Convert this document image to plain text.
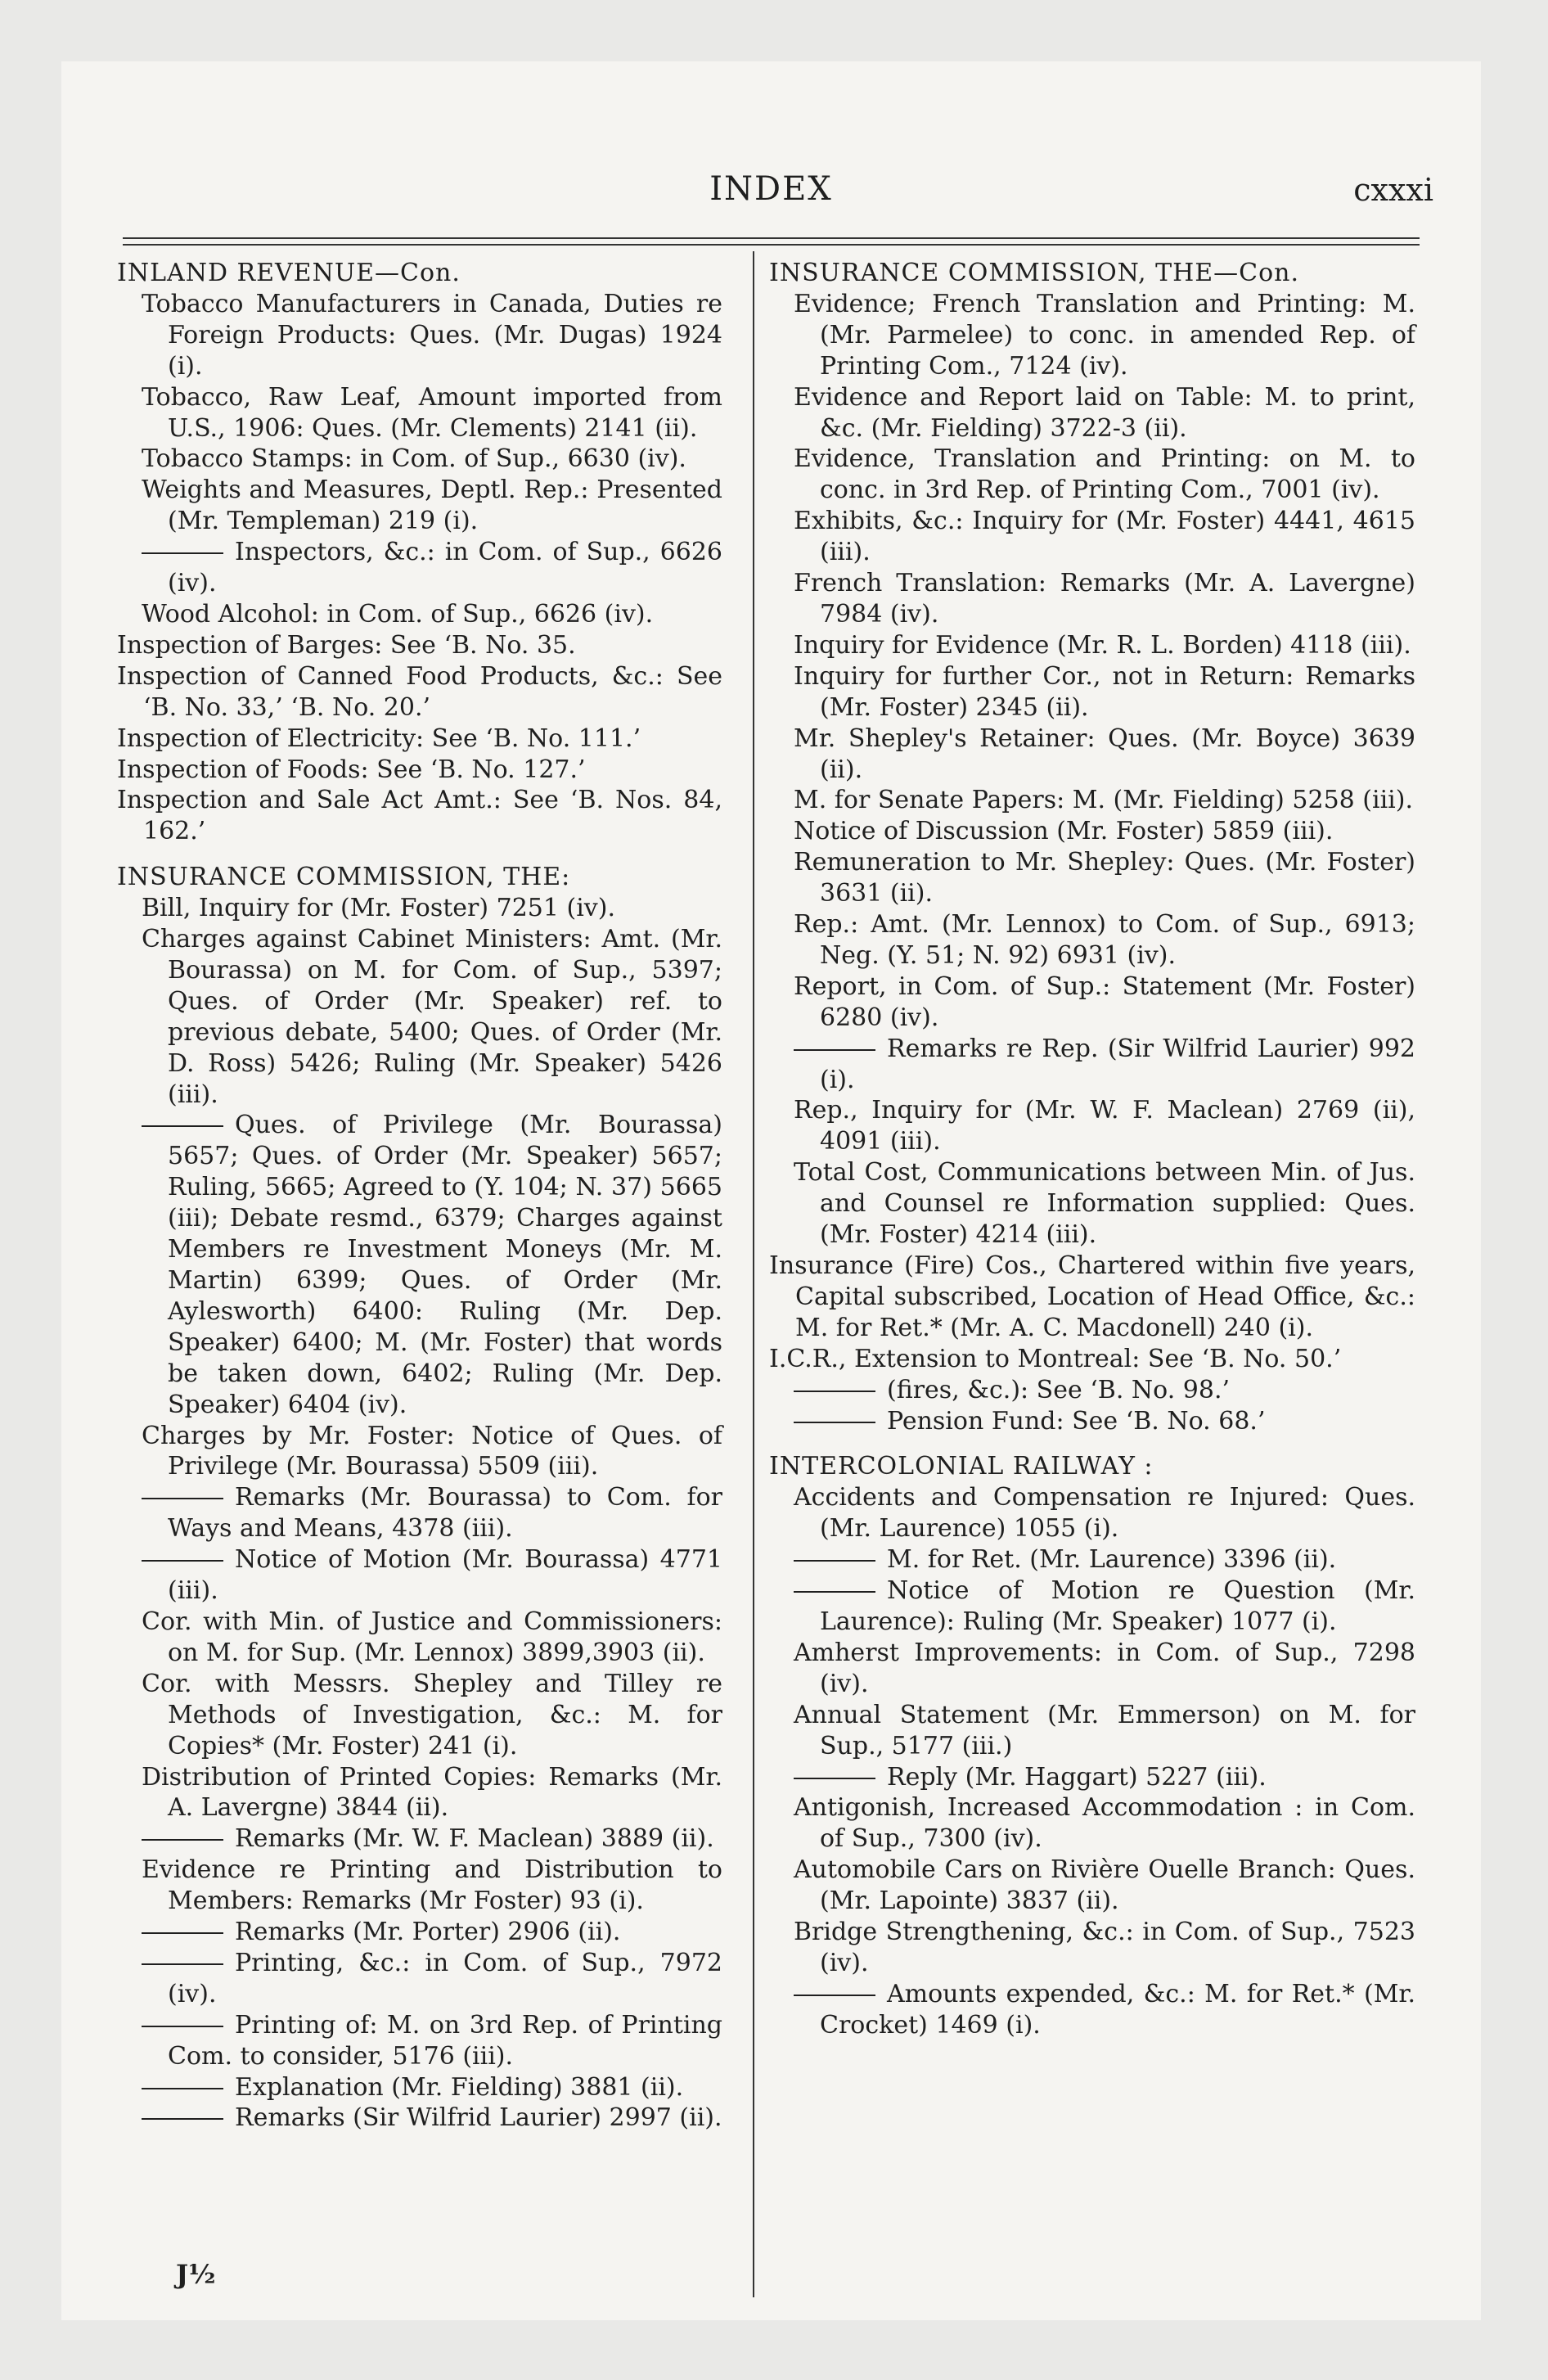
INDEX	cxxxi
INLAND REVENUE—Con.
Tobacco Manufacturers in Canada, Duties re Foreign Products: Ques. (Mr. Dugas) 1924 (i).
Tobacco, Raw Leaf, Amount imported from U.S., 1906: Ques. (Mr. Clements) 2141 (ii).
Tobacco Stamps: in Com. of Sup., 6630 (iv).
Weights and Measures, Deptl. Rep.: Presented (Mr. Templeman) 219 (i).
Inspectors, &c.: in Com. of Sup., 6626 (iv).
Wood Alcohol: in Com. of Sup., 6626 (iv).
Inspection of Barges: See ‘B. No. 35.
Inspection of Canned Food Products, &c.: See ‘B. No. 33,’ ‘B. No. 20.’
Inspection of Electricity: See ‘B. No. 111.’
Inspection of Foods: See ‘B. No. 127.’
Inspection and Sale Act Amt.: See ‘B. Nos. 84, 162.’
INSURANCE COMMISSION, THE:
Bill, Inquiry for (Mr. Foster) 7251 (iv).
Charges against Cabinet Ministers: Amt. (Mr. Bourassa) on M. for Com. of Sup., 5397; Ques. of Order (Mr. Speaker) ref. to previous debate, 5400; Ques. of Order (Mr. D. Ross) 5426; Ruling (Mr. Speaker) 5426 (iii).
Ques. of Privilege (Mr. Bourassa) 5657; Ques. of Order (Mr. Speaker) 5657; Ruling, 5665; Agreed to (Y. 104; N. 37) 5665 (iii); Debate resmd., 6379; Charges against Members re Investment Moneys (Mr. M. Martin) 6399; Ques. of Order (Mr. Aylesworth) 6400: Ruling (Mr. Dep. Speaker) 6400; M. (Mr. Foster) that words be taken down, 6402; Ruling (Mr. Dep. Speaker) 6404 (iv).
Charges by Mr. Foster: Notice of Ques. of Privilege (Mr. Bourassa) 5509 (iii).
Remarks (Mr. Bourassa) to Com. for Ways and Means, 4378 (iii).
Notice of Motion (Mr. Bourassa) 4771 (iii).
Cor. with Min. of Justice and Commissioners: on M. for Sup. (Mr. Lennox) 3899,3903 (ii).
Cor. with Messrs. Shepley and Tilley re Methods of Investigation, &c.: M. for Copies* (Mr. Foster) 241 (i).
Distribution of Printed Copies: Remarks (Mr. A. Lavergne) 3844 (ii).
Remarks (Mr. W. F. Maclean) 3889 (ii).
Evidence re Printing and Distribution to Members: Remarks (Mr Foster) 93 (i).
Remarks (Mr. Porter) 2906 (ii).
Printing, &c.: in Com. of Sup., 7972 (iv).
Printing of: M. on 3rd Rep. of Printing Com. to consider, 5176 (iii).
Explanation (Mr. Fielding) 3881 (ii).
Remarks (Sir Wilfrid Laurier) 2997 (ii).
INSURANCE COMMISSION, THE—Con.
Evidence; French Translation and Printing: M. (Mr. Parmelee) to conc. in amended Rep. of Printing Com., 7124 (iv).
Evidence and Report laid on Table: M. to print, &c. (Mr. Fielding) 3722-3 (ii).
Evidence, Translation and Printing: on M. to conc. in 3rd Rep. of Printing Com., 7001 (iv).
Exhibits, &c.: Inquiry for (Mr. Foster) 4441, 4615 (iii).
French Translation: Remarks (Mr. A. Lavergne) 7984 (iv).
Inquiry for Evidence (Mr. R. L. Borden) 4118 (iii).
Inquiry for further Cor., not in Return: Remarks (Mr. Foster) 2345 (ii).
Mr. Shepley's Retainer: Ques. (Mr. Boyce) 3639 (ii).
M. for Senate Papers: M. (Mr. Fielding) 5258 (iii).
Notice of Discussion (Mr. Foster) 5859 (iii).
Remuneration to Mr. Shepley: Ques. (Mr. Foster) 3631 (ii).
Rep.: Amt. (Mr. Lennox) to Com. of Sup., 6913; Neg. (Y. 51; N. 92) 6931 (iv).
Report, in Com. of Sup.: Statement (Mr. Foster) 6280 (iv).
Remarks re Rep. (Sir Wilfrid Laurier) 992 (i).
Rep., Inquiry for (Mr. W. F. Maclean) 2769 (ii), 4091 (iii).
Total Cost, Communications between Min. of Jus. and Counsel re Information supplied: Ques. (Mr. Foster) 4214 (iii).
Insurance (Fire) Cos., Chartered within five years, Capital subscribed, Location of Head Office, &c.: M. for Ret.* (Mr. A. C. Macdonell) 240 (i).
I.C.R., Extension to Montreal: See ‘B. No. 50.’
(fires, &c.): See ‘B. No. 98.’
Pension Fund: See ‘B. No. 68.’
INTERCOLONIAL RAILWAY :
Accidents and Compensation re Injured: Ques. (Mr. Laurence) 1055 (i).
M. for Ret. (Mr. Laurence) 3396 (ii).
Notice of Motion re Question (Mr. Laurence): Ruling (Mr. Speaker) 1077 (i).
Amherst Improvements: in Com. of Sup., 7298 (iv).
Annual Statement (Mr. Emmerson) on M. for Sup., 5177 (iii.)
Reply (Mr. Haggart) 5227 (iii).
Antigonish, Increased Accommodation : in Com. of Sup., 7300 (iv).
Automobile Cars on Rivière Ouelle Branch: Ques. (Mr. Lapointe) 3837 (ii).
Bridge Strengthening, &c.: in Com. of Sup., 7523 (iv).
Amounts expended, &c.: M. for Ret.* (Mr. Crocket) 1469 (i).
J½
